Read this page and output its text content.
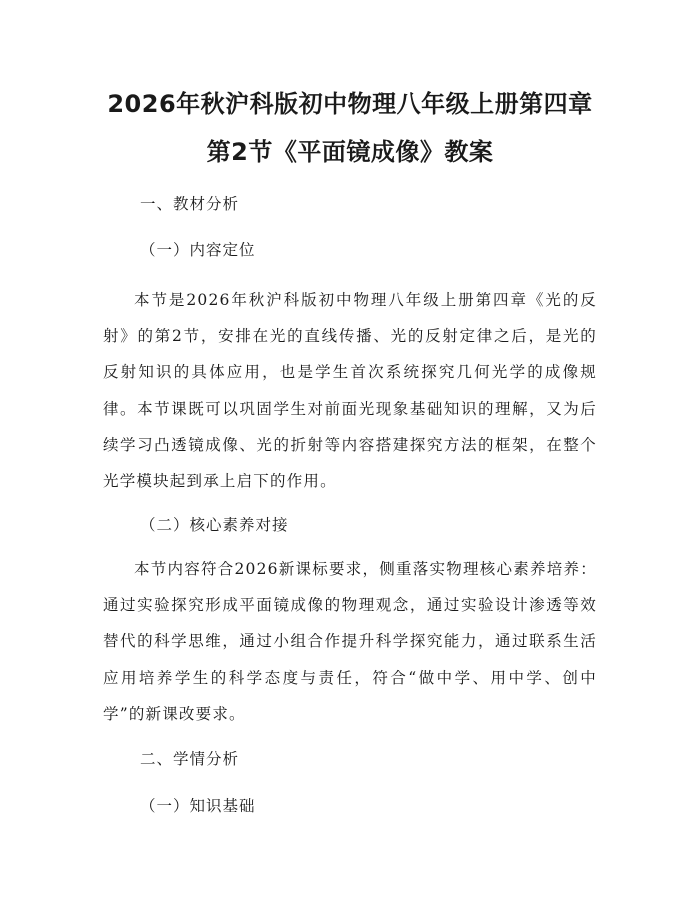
2026年秋沪科版初中物理八年级上册第四章
第2节《平面镜成像》教案
一、教材分析
（一）内容定位

本节是2026年秋沪科版初中物理八年级上册第四章《光的反射》的第2节，安排在光的直线传播、光的反射定律之后，是光的反射知识的具体应用，也是学生首次系统探究几何光学的成像规律。本节课既可以巩固学生对前面光现象基础知识的理解，又为后续学习凸透镜成像、光的折射等内容搭建探究方法的框架，在整个光学模块起到承上启下的作用。

（二）核心素养对接

本节内容符合2026新课标要求，侧重落实物理核心素养培养：通过实验探究形成平面镜成像的物理观念，通过实验设计渗透等效替代的科学思维，通过小组合作提升科学探究能力，通过联系生活应用培养学生的科学态度与责任，符合“做中学、用中学、创中学”的新课改要求。

二、学情分析
（一）知识基础
